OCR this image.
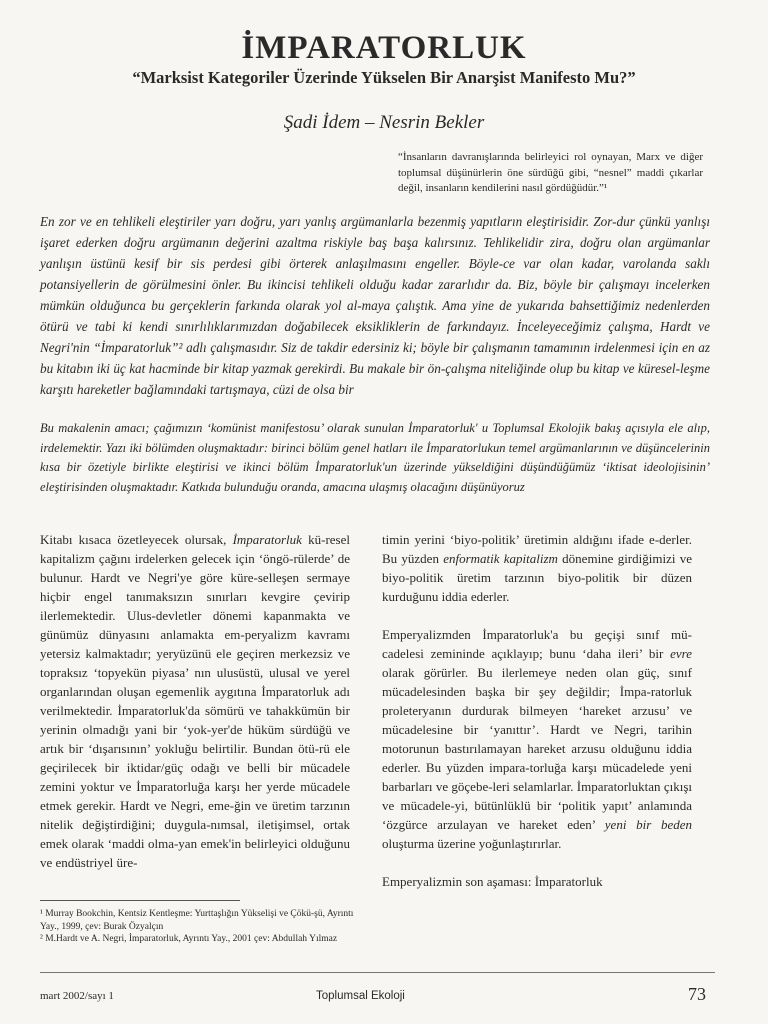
İMPARATORLUK
“Marksist Kategoriler Üzerinde Yükselen Bir Anarşist Manifesto Mu?”
Şadi İdem – Nesrin Bekler

“İnsanların davranışlarında belirleyici rol oynayan, Marx ve diğer toplumsal düşünürlerin öne sürdüğü gibi, “nesnel” maddi çıkarlar değil, insanların kendilerini nasıl gördüğüdür.”¹

En zor ve en tehlikeli eleştiriler yarı doğru, yarı yanlış argümanlarla bezenmiş yapıtların eleştirisidir. Zor-dur çünkü yanlışı işaret ederken doğru argümanın değerini azaltma riskiyle baş başa kalırsınız. Tehlikelidir zira, doğru olan argümanlar yanlışın üstünü kesif bir sis perdesi gibi örterek anlaşılmasını engeller. Böyle-ce var olan kadar, varolanda saklı potansiyellerin de görülmesini önler. Bu ikincisi tehlikeli olduğu kadar zararlıdır da. Biz, böyle bir çalışmayı incelerken mümkün olduğunca bu gerçeklerin farkında olarak yol al-maya çalıştık. Ama yine de yukarıda bahsettiğimiz nedenlerden ötürü ve tabi ki kendi sınırlılıklarımızdan doğabilecek eksikliklerin de farkındayız. İnceleyeceğimiz çalışma, Hardt ve Negri'nin “İmparatorluk”² adlı çalışmasıdır. Siz de takdir edersiniz ki; böyle bir çalışmanın tamamının irdelenmesi için en az bu kitabın iki üç kat hacminde bir kitap yazmak gerekirdi. Bu makale bir ön-çalışma niteliğinde olup bu kitap ve küresel-leşme karşıtı hareketler bağlamındaki tartışmaya, cüzi de olsa bir

Bu makalenin amacı; çağımızın ‘komünist manifestosu’ olarak sunulan İmparatorluk' u Toplumsal Ekolojik bakış açısıyla ele alıp, irdelemektir. Yazı iki bölümden oluşmaktadır: birinci bölüm genel hatları ile İmparatorlukun temel argümanlarının ve düşüncelerinin kısa bir özetiyle birlikte eleştirisi ve ikinci bölüm İmparatorluk'un üzerinde yükseldiğini düşündüğümüz ‘iktisat ideolojisinin’ eleştirisinden oluşmaktadır. Katkıda bulunduğu oranda, amacına ulaşmış olacağını düşünüyoruz

Kitabı kısaca özetleyecek olursak, İmparatorluk kü-resel kapitalizm çağını irdelerken gelecek için ‘öngö-rülerde’ de bulunur. Hardt ve Negri'ye göre küre-selleşen sermaye hiçbir engel tanımaksızın sınırları kevgire çevirip ilerlemektedir. Ulus-devletler dönemi kapanmakta ve günümüz dünyasını anlamakta em-peryalizm kavramı yetersiz kalmaktadır; yeryüzünü ele geçiren merkezsiz ve topraksız ‘topyekün piyasa’ nın ulusüstü, ulusal ve yerel organlarından oluşan egemenlik aygıtına İmparatorluk adı verilmektedir. İmparatorluk'da sömürü ve tahakkümün bir yerinin olmadığı yani bir ‘yok-yer'de hüküm sürdüğü ve artık bir ‘dışarısının’ yokluğu belirtilir. Bundan ötü-rü ele geçirilecek bir iktidar/güç odağı ve belli bir mücadele zemini yoktur ve İmparatorluğa karşı her yerde mücadele etmek gerekir. Hardt ve Negri, eme-ğin ve üretim tarzının nitelik değiştirdiğini; duygula-nımsal, iletişimsel, ortak emek olarak ‘maddi olma-yan emek'in belirleyici olduğunu ve endüstriyel üre-

timin yerini ‘biyo-politik’ üretimin aldığını ifade e-derler. Bu yüzden enformatik kapitalizm dönemine girdiğimizi ve biyo-politik üretim tarzının biyo-politik bir düzen kurduğunu iddia ederler.

Emperyalizmden İmparatorluk'a bu geçişi sınıf mü-cadelesi zemininde açıklayıp; bunu ‘daha ileri’ bir evre olarak görürler. Bu ilerlemeye neden olan güç, sınıf mücadelesinden başka bir şey değildir; İmpa-ratorluk proleteryanın durdurak bilmeyen ‘hareket arzusu’ ve mücadelesine bir ‘yanıttır’. Hardt ve Negri, tarihin motorunun bastırılamayan hareket arzusu olduğunu iddia ederler. Bu yüzden impara-torluğa karşı mücadelede yeni barbarları ve göçebe-leri selamlarlar. İmparatorluktan çıkışı ve mücadele-yi, bütünlüklü bir ‘politik yapıt’ anlamında ‘özgürce arzulayan ve hareket eden’ yeni bir beden oluşturma üzerine yoğunlaştırırlar.

Emperyalizmin son aşaması: İmparatorluk

¹ Murray Bookchin, Kentsiz Kentleşme: Yurttaşlığın Yükselişi ve Çökü-şü, Ayrıntı Yay., 1999, çev: Burak Özyalçın

² M.Hardt ve A. Negri, İmparatorluk, Ayrıntı Yay., 2001 çev: Abdullah Yılmaz

mart 2002/sayı 1	Toplumsal Ekoloji	73
